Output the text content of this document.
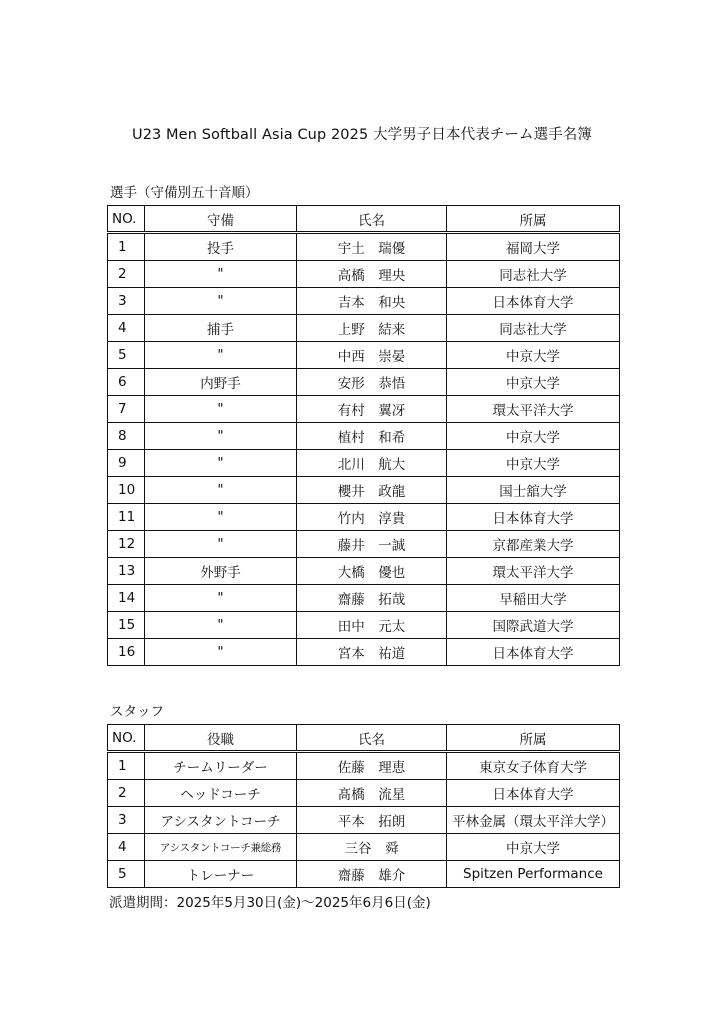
U23 Men Softball Asia Cup 2025 大学男子日本代表チーム選手名簿
選手（守備別五十音順）
NO.	守備	氏名	所属
1	投手	宇土　瑞優	福岡大学
2	"	高橋　理央	同志社大学
3	"	吉本　和央	日本体育大学
4	捕手	上野　結来	同志社大学
5	"	中西　崇晏	中京大学
6	内野手	安形　恭悟	中京大学
7	"	有村　翼冴	環太平洋大学
8	"	植村　和希	中京大学
9	"	北川　航大	中京大学
10	"	櫻井　政龍	国士舘大学
11	"	竹内　淳貴	日本体育大学
12	"	藤井　一誠	京都産業大学
13	外野手	大橋　優也	環太平洋大学
14	"	齋藤　拓哉	早稲田大学
15	"	田中　元太	国際武道大学
16	"	宮本　祐道	日本体育大学
スタッフ
NO.	役職	氏名	所属
1	チームリーダー	佐藤　理恵	東京女子体育大学
2	ヘッドコーチ	髙橋　流星	日本体育大学
3	アシスタントコーチ	平本　拓朗	平林金属（環太平洋大学）
4	アシスタントコーチ兼総務	三谷　舜	中京大学
5	トレーナー	齋藤　雄介	Spitzen Performance
派遣期間：2025年5月30日(金)～2025年6月6日(金)
